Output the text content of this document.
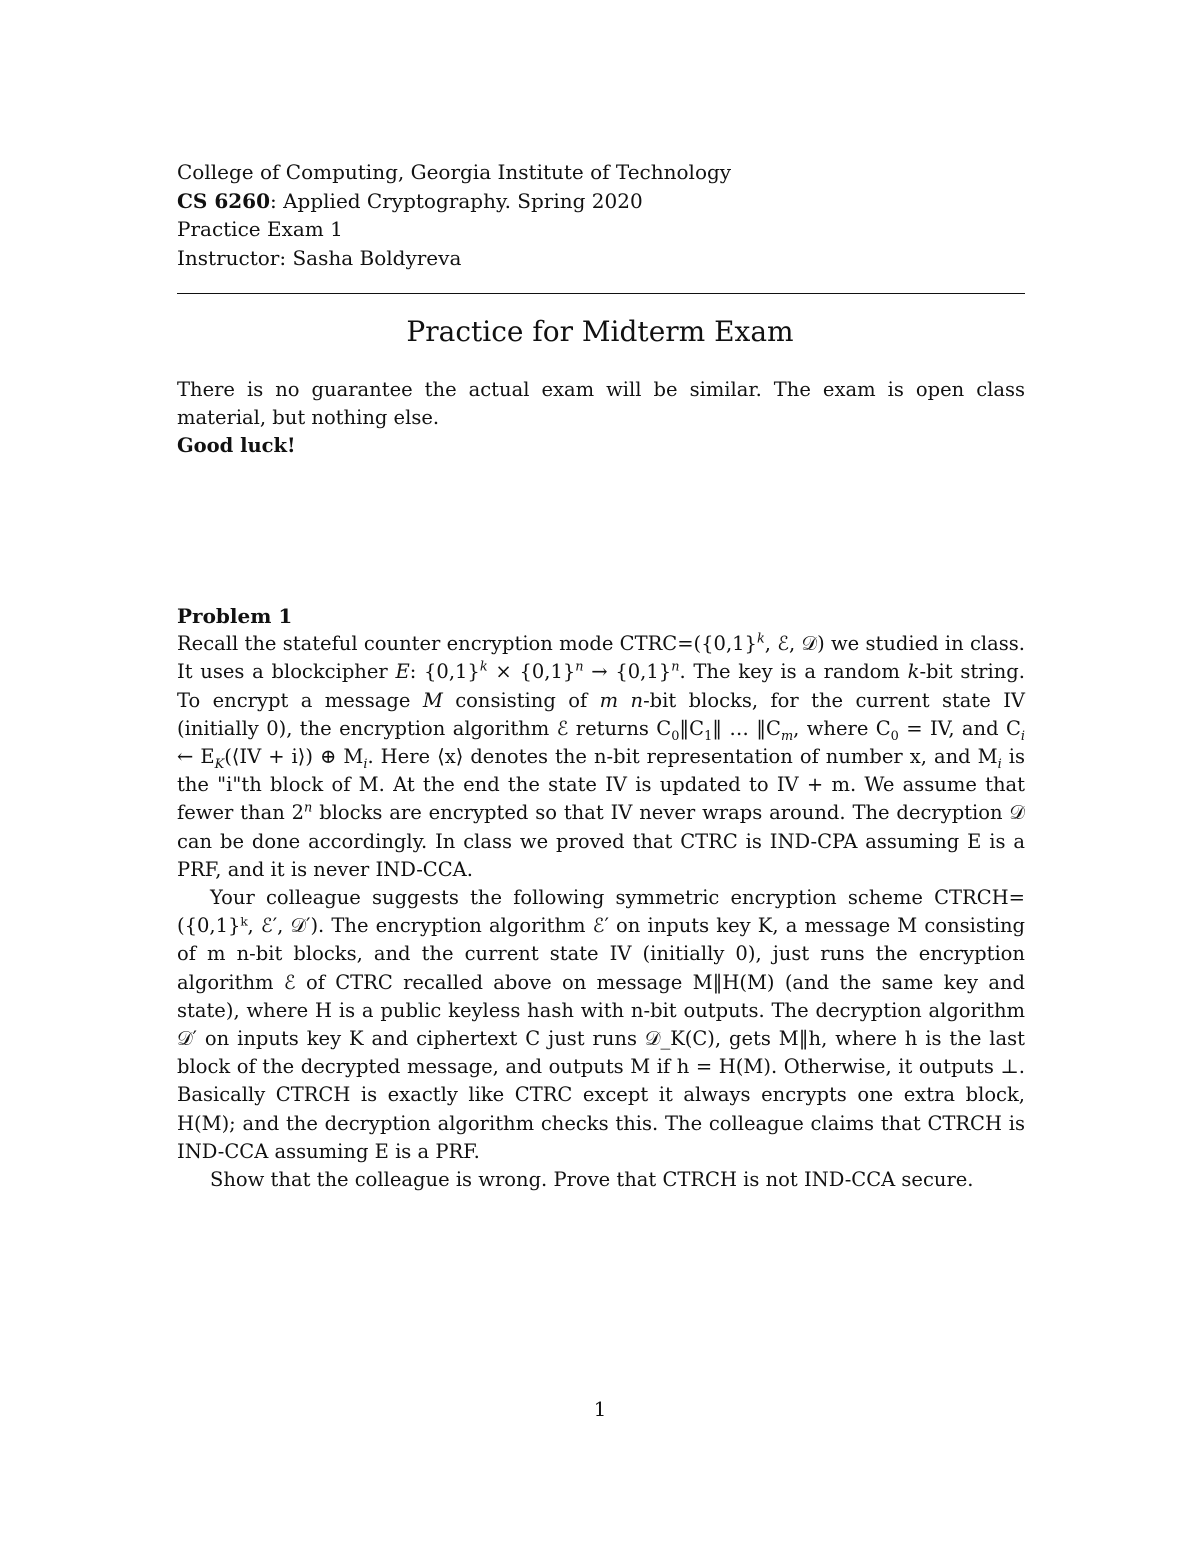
College of Computing, Georgia Institute of Technology
CS 6260: Applied Cryptography. Spring 2020
Practice Exam 1
Instructor: Sasha Boldyreva
Practice for Midterm Exam
There is no guarantee the actual exam will be similar. The exam is open class material, but nothing else.
Good luck!
Problem 1

Recall the stateful counter encryption mode $CTRC=(\{0,1\}^k$, ℰ, 𝒟) we studied in class. It uses a blockcipher E: $\{0,1\}^k \times \{0,1\}^n \to \{0,1\}^n$. The key is a random k-bit string. To encrypt a message M consisting of m n-bit blocks, for the current state IV (initially 0), the encryption algorithm ℰ returns $C_0‖C_1‖$ … $‖C_m$, where $C_0$ = IV, and $C_i$ ← $E_K(⟨IV$ + i⟩) ⊕ $M_i$. Here ⟨x⟩ denotes the n-bit representation of number x, and $M_i$ is the "i"th block of M. At the end the state IV is updated to IV + m. We assume that fewer than 2$^n$ blocks are encrypted so that IV never wraps around. The decryption 𝒟 can be done accordingly. In class we proved that CTRC is IND-CPA assuming E is a PRF, and it is never IND-CCA.

Your colleague suggests the following symmetric encryption scheme CTRCH= ({0,1}ᵏ, ℰ′, 𝒟′). The encryption algorithm ℰ′ on inputs key K, a message M consisting of m n-bit blocks, and the current state IV (initially 0), just runs the encryption algorithm ℰ of CTRC recalled above on message M‖H(M) (and the same key and state), where H is a public keyless hash with n-bit outputs. The decryption algorithm 𝒟′ on inputs key K and ciphertext C just runs 𝒟_K(C), gets M‖h, where h is the last block of the decrypted message, and outputs M if h = H(M). Otherwise, it outputs ⊥. Basically CTRCH is exactly like CTRC except it always encrypts one extra block, H(M); and the decryption algorithm checks this. The colleague claims that CTRCH is IND-CCA assuming E is a PRF.

Show that the colleague is wrong. Prove that CTRCH is not IND-CCA secure.

1
